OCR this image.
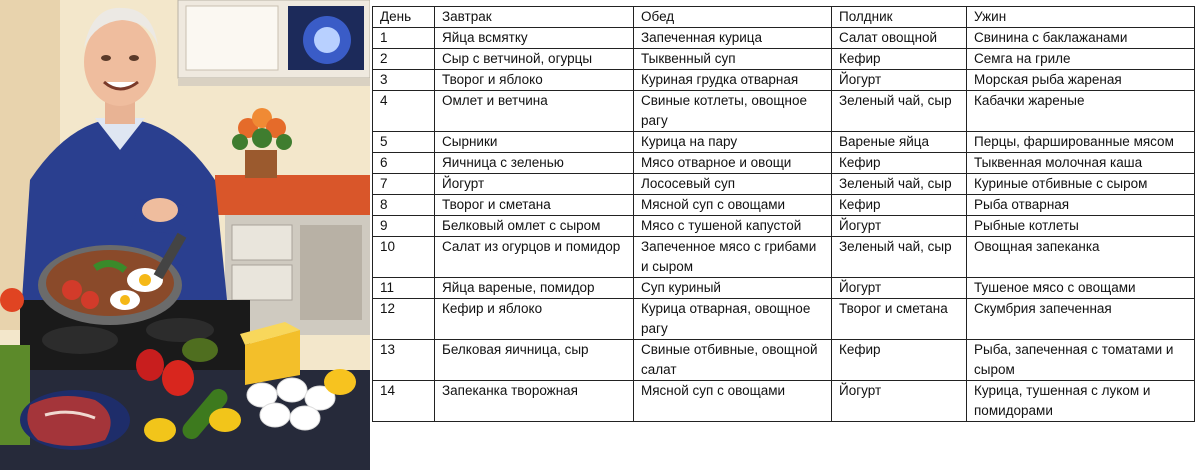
День	Завтрак	Обед	Полдник	Ужин
1	Яйца всмятку	Запеченная курица	Салат овощной	Свинина с баклажанами
2	Сыр с ветчиной, огурцы	Тыквенный суп	Кефир	Семга на гриле
3	Творог и яблоко	Куриная грудка отварная	Йогурт	Морская рыба жареная
4	Омлет и ветчина	Свиные котлеты, овощное рагу	Зеленый чай, сыр	Кабачки жареные
5	Сырники	Курица на пару	Вареные яйца	Перцы, фаршированные мясом
6	Яичница с зеленью	Мясо отварное и овощи	Кефир	Тыквенная молочная каша
7	Йогурт	Лососевый суп	Зеленый чай, сыр	Куриные отбивные с сыром
8	Творог и сметана	Мясной суп с овощами	Кефир	Рыба отварная
9	Белковый омлет с сыром	Мясо с тушеной капустой	Йогурт	Рыбные котлеты
10	Салат из огурцов и помидор	Запеченное мясо с грибами и сыром	Зеленый чай, сыр	Овощная запеканка
11	Яйца вареные, помидор	Суп куриный	Йогурт	Тушеное мясо с овощами
12	Кефир и яблоко	Курица отварная, овощное рагу	Творог и сметана	Скумбрия запеченная
13	Белковая яичница, сыр	Свиные отбивные, овощной салат	Кефир	Рыба, запеченная с томатами и сыром
14	Запеканка творожная	Мясной суп с овощами	Йогурт	Курица, тушенная с луком и помидорами
